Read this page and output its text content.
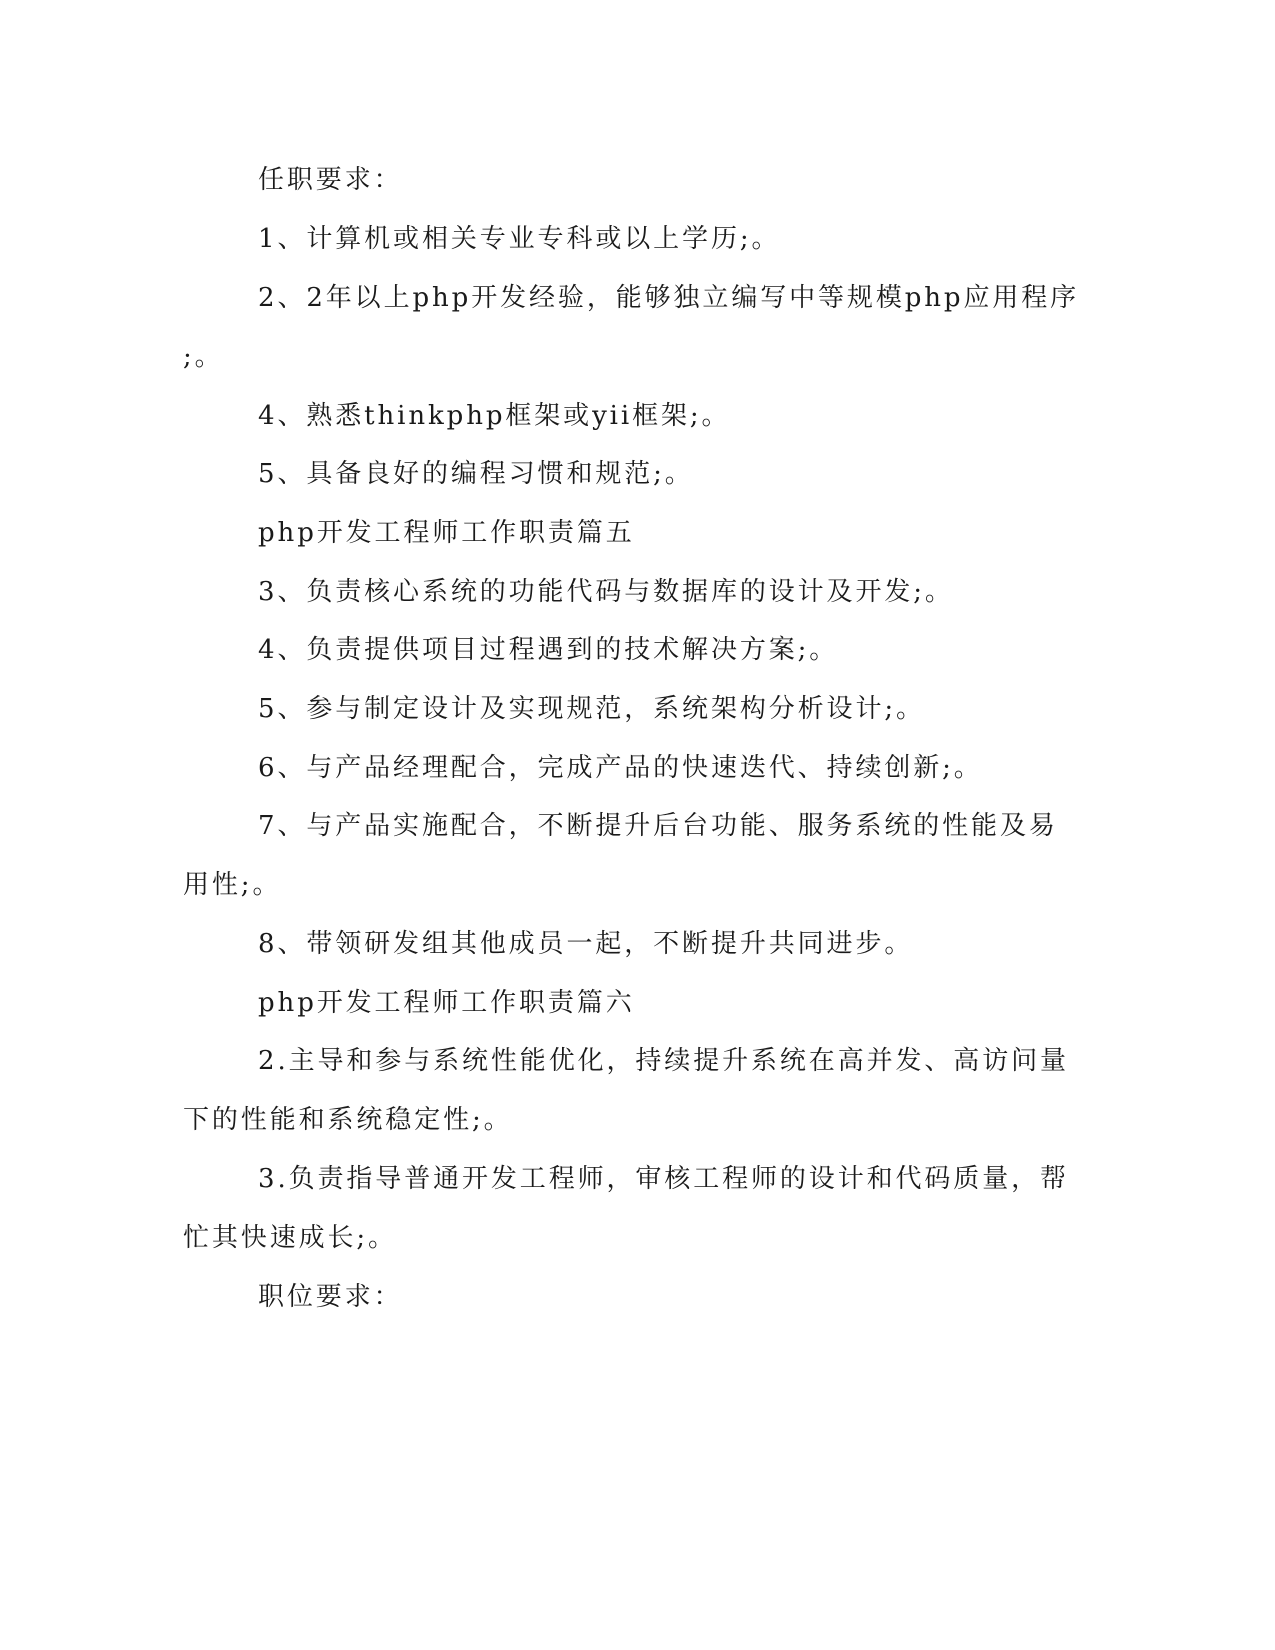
任职要求：

1、计算机或相关专业专科或以上学历;。

2、2年以上php开发经验，能够独立编写中等规模php应用程序

;。

4、熟悉thinkphp框架或yii框架;。

5、具备良好的编程习惯和规范;。

php开发工程师工作职责篇五

3、负责核心系统的功能代码与数据库的设计及开发;。

4、负责提供项目过程遇到的技术解决方案;。

5、参与制定设计及实现规范，系统架构分析设计;。

6、与产品经理配合，完成产品的快速迭代、持续创新;。

7、与产品实施配合，不断提升后台功能、服务系统的性能及易

用性;。

8、带领研发组其他成员一起，不断提升共同进步。

php开发工程师工作职责篇六

2.主导和参与系统性能优化，持续提升系统在高并发、高访问量

下的性能和系统稳定性;。

3.负责指导普通开发工程师，审核工程师的设计和代码质量，帮

忙其快速成长;。

职位要求：
